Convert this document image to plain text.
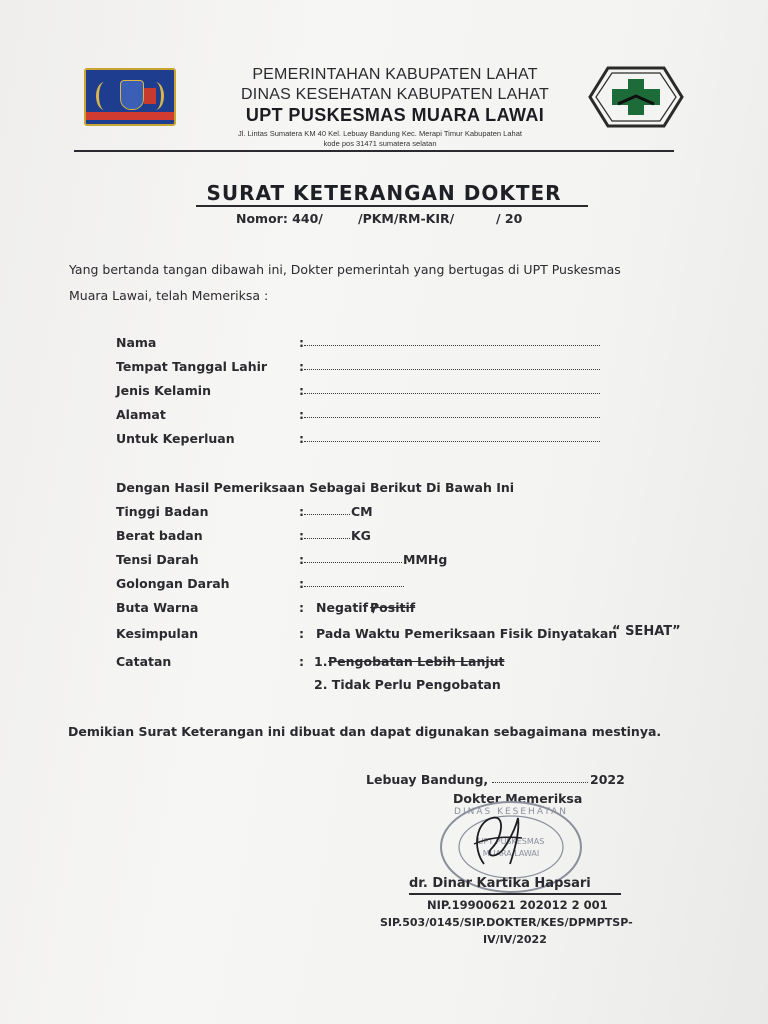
PEMERINTAHAN KABUPATEN LAHAT

DINAS KESEHATAN KABUPATEN LAHAT

UPT PUSKESMAS MUARA LAWAI

Jl. Lintas Sumatera KM 40 Kel. Lebuay Bandung Kec. Merapi Timur Kabupaten Lahat

kode pos 31471 sumatera selatan

SURAT KETERANGAN DOKTER
Nomor: 440/	/PKM/RM-KIR/	/ 20
Yang bertanda tangan dibawah ini, Dokter pemerintah yang bertugas di UPT Puskesmas
Muara Lawai, telah Memeriksa :
Nama	:
Tempat Tanggal Lahir	:
Jenis Kelamin	:
Alamat	:
Untuk Keperluan	:
Dengan Hasil Pemeriksaan Sebagai Berikut Di Bawah Ini
Tinggi Badan	:	CM
Berat badan	:	KG
Tensi Darah	:	MMHg
Golongan Darah	:
Buta Warna	: Negatif /
Positif
Kesimpulan	: Pada Waktu Pemeriksaan Fisik Dinyatakan
“ SEHAT”
Catatan	: 1. Pengobatan Lebih Lanjut
2. Tidak Perlu Pengobatan
Demikian Surat Keterangan ini dibuat dan dapat digunakan sebagaimana mestinya.
Lebuay Bandung,	2022
Dokter Memeriksa
DINAS KESEHATAN
UPT PUSKESMAS
MUARA LAWAI
dr. Dinar Kartika Hapsari
NIP.19900621 202012 2 001
SIP.503/0145/SIP.DOKTER/KES/DPMPTSP-
IV/IV/2022
